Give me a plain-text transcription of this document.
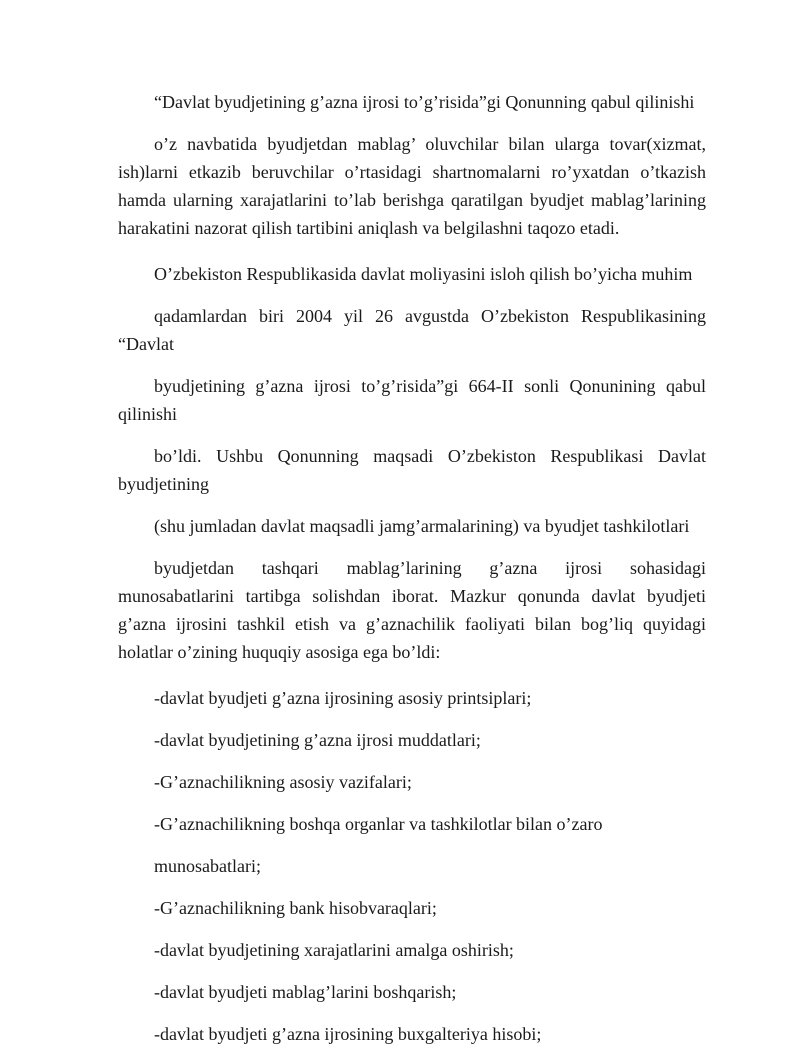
“Davlat byudjetining g’azna ijrosi to’g’risida”gi Qonunning qabul qilinishi

o’z navbatida byudjetdan mablag’ oluvchilar bilan ularga tovar(xizmat, ish)larni etkazib beruvchilar o’rtasidagi shartnomalarni ro’yxatdan o’tkazish hamda ularning xarajatlarini to’lab berishga qaratilgan byudjet mablag’larining harakatini nazorat qilish tartibini aniqlash va belgilashni taqozo etadi.

O’zbekiston Respublikasida davlat moliyasini isloh qilish bo’yicha muhim

qadamlardan biri 2004 yil 26 avgustda O’zbekiston Respublikasining “Davlat

byudjetining g’azna ijrosi to’g’risida”gi 664-II sonli Qonunining qabul qilinishi

bo’ldi. Ushbu Qonunning maqsadi O’zbekiston Respublikasi Davlat byudjetining

(shu jumladan davlat maqsadli jamg’armalarining) va byudjet tashkilotlari

byudjetdan tashqari mablag’larining g’azna ijrosi sohasidagi munosabatlarini tartibga solishdan iborat. Mazkur qonunda davlat byudjeti g’azna ijrosini tashkil etish va g’aznachilik faoliyati bilan bog’liq quyidagi holatlar o’zining huquqiy asosiga ega bo’ldi:

-davlat byudjeti g’azna ijrosining asosiy printsiplari;

-davlat byudjetining g’azna ijrosi muddatlari;

-G’aznachilikning asosiy vazifalari;

-G’aznachilikning boshqa organlar va tashkilotlar bilan o’zaro

munosabatlari;

-G’aznachilikning bank hisobvaraqlari;

-davlat byudjetining xarajatlarini amalga oshirish;

-davlat byudjeti mablag’larini boshqarish;

-davlat byudjeti g’azna ijrosining buxgalteriya hisobi;
